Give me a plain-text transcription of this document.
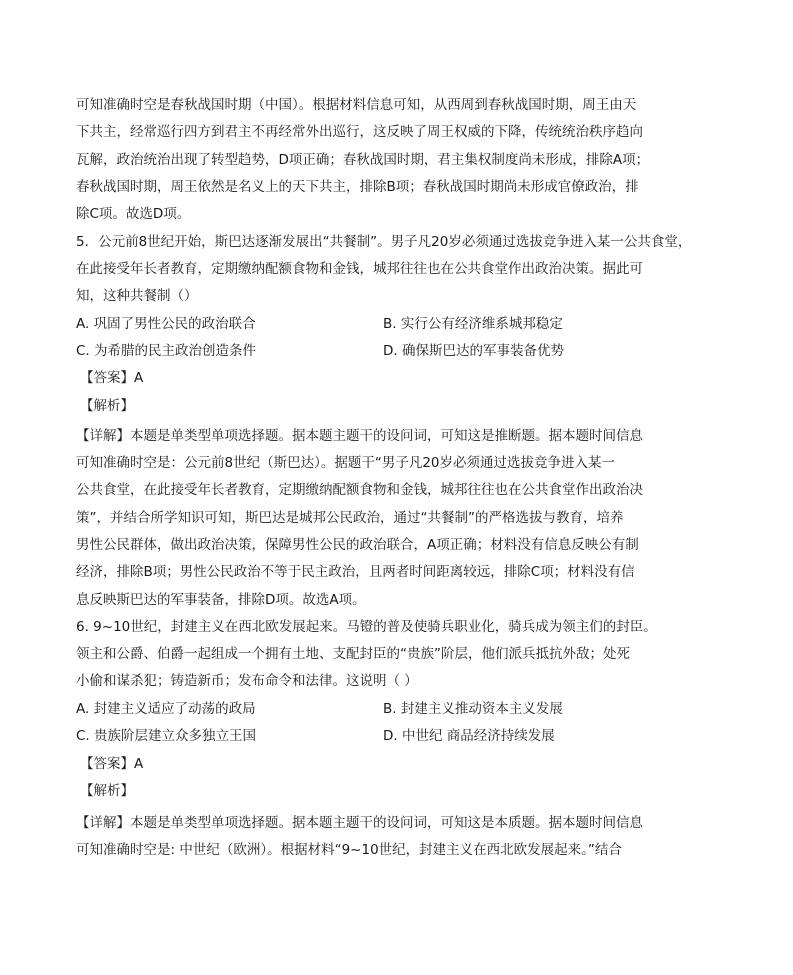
可知准确时空是春秋战国时期（中国）。根据材料信息可知，从西周到春秋战国时期，周王由天

下共主，经常巡行四方到君主不再经常外出巡行，这反映了周王权威的下降，传统统治秩序趋向

瓦解，政治统治出现了转型趋势，D项正确；春秋战国时期，君主集权制度尚未形成，排除A项；

春秋战国时期，周王依然是名义上的天下共主，排除B项；春秋战国时期尚未形成官僚政治，排

除C项。故选D项。

5．公元前8世纪开始，斯巴达逐渐发展出“共餐制”。男子凡20岁必须通过选拔竞争进入某一公共食堂，

在此接受年长者教育，定期缴纳配额食物和金钱，城邦往往也在公共食堂作出政治决策。据此可

知，这种共餐制（）

A. 巩固了男性公民的政治联合	B. 实行公有经济维系城邦稳定

C. 为希腊的民主政治创造条件	D. 确保斯巴达的军事装备优势

【答案】A

【解析】

【详解】本题是单类型单项选择题。据本题主题干的设问词，可知这是推断题。据本题时间信息

可知准确时空是：公元前8世纪（斯巴达）。据题干“男子凡20岁必须通过选拔竞争进入某一

公共食堂，在此接受年长者教育，定期缴纳配额食物和金钱，城邦往往也在公共食堂作出政治决

策”，并结合所学知识可知，斯巴达是城邦公民政治，通过“共餐制”的严格选拔与教育，培养

男性公民群体，做出政治决策，保障男性公民的政治联合，A项正确；材料没有信息反映公有制

经济，排除B项；男性公民政治不等于民主政治，且两者时间距离较远，排除C项；材料没有信

息反映斯巴达的军事装备，排除D项。故选A项。

6. 9~10世纪，封建主义在西北欧发展起来。马镫的普及使骑兵职业化，骑兵成为领主们的封臣。

领主和公爵、伯爵一起组成一个拥有土地、支配封臣的“贵族”阶层，他们派兵抵抗外敌；处死

小偷和谋杀犯；铸造新币；发布命令和法律。这说明（ ）

A. 封建主义适应了动荡的政局	B. 封建主义推动资本主义发展

C. 贵族阶层建立众多独立王国	D. 中世纪 商品经济持续发展

【答案】A

【解析】

【详解】本题是单类型单项选择题。据本题主题干的设问词，可知这是本质题。据本题时间信息

可知准确时空是: 中世纪（欧洲）。根据材料“9~10世纪，封建主义在西北欧发展起来。”结合
